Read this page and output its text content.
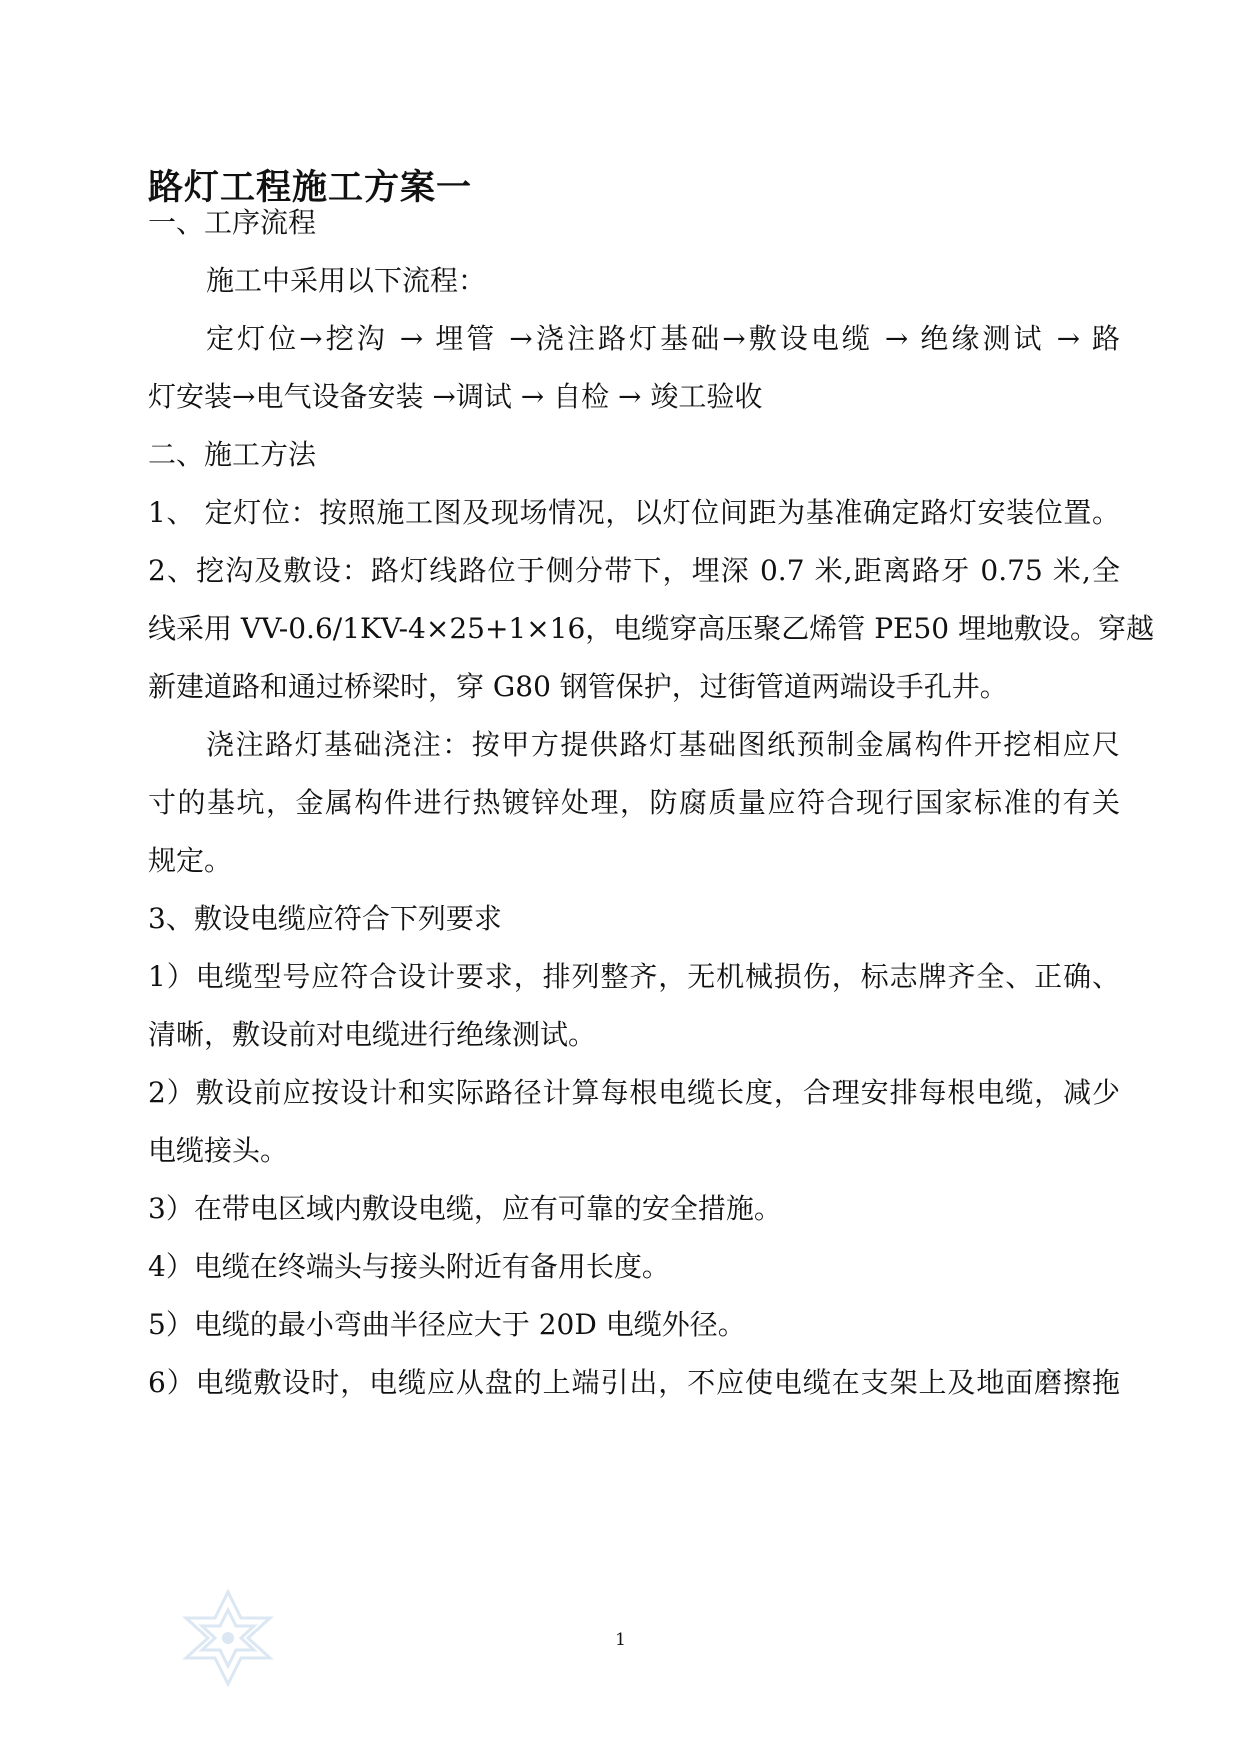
路灯工程施工方案一
一、工序流程
施工中采用以下流程：
定灯位→挖沟 → 埋管 →浇注路灯基础→敷设电缆 → 绝缘测试 → 路
灯安装→电气设备安装 →调试 → 自检 → 竣工验收
二、施工方法
1、 定灯位：按照施工图及现场情况，以灯位间距为基准确定路灯安装位置。
2、挖沟及敷设：路灯线路位于侧分带下，埋深 0.7 米,距离路牙 0.75 米,全
线采用 VV-0.6/1KV-4×25+1×16，电缆穿高压聚乙烯管 PE50 埋地敷设。穿越
新建道路和通过桥梁时，穿 G80 钢管保护，过街管道两端设手孔井。
浇注路灯基础浇注：按甲方提供路灯基础图纸预制金属构件开挖相应尺
寸的基坑，金属构件进行热镀锌处理，防腐质量应符合现行国家标准的有关
规定。
3、敷设电缆应符合下列要求
1）电缆型号应符合设计要求，排列整齐，无机械损伤，标志牌齐全、正确、
清晰，敷设前对电缆进行绝缘测试。
2）敷设前应按设计和实际路径计算每根电缆长度，合理安排每根电缆，减少
电缆接头。
3）在带电区域内敷设电缆，应有可靠的安全措施。
4）电缆在终端头与接头附近有备用长度。
5）电缆的最小弯曲半径应大于 20D 电缆外径。
6）电缆敷设时，电缆应从盘的上端引出，不应使电缆在支架上及地面磨擦拖
1
